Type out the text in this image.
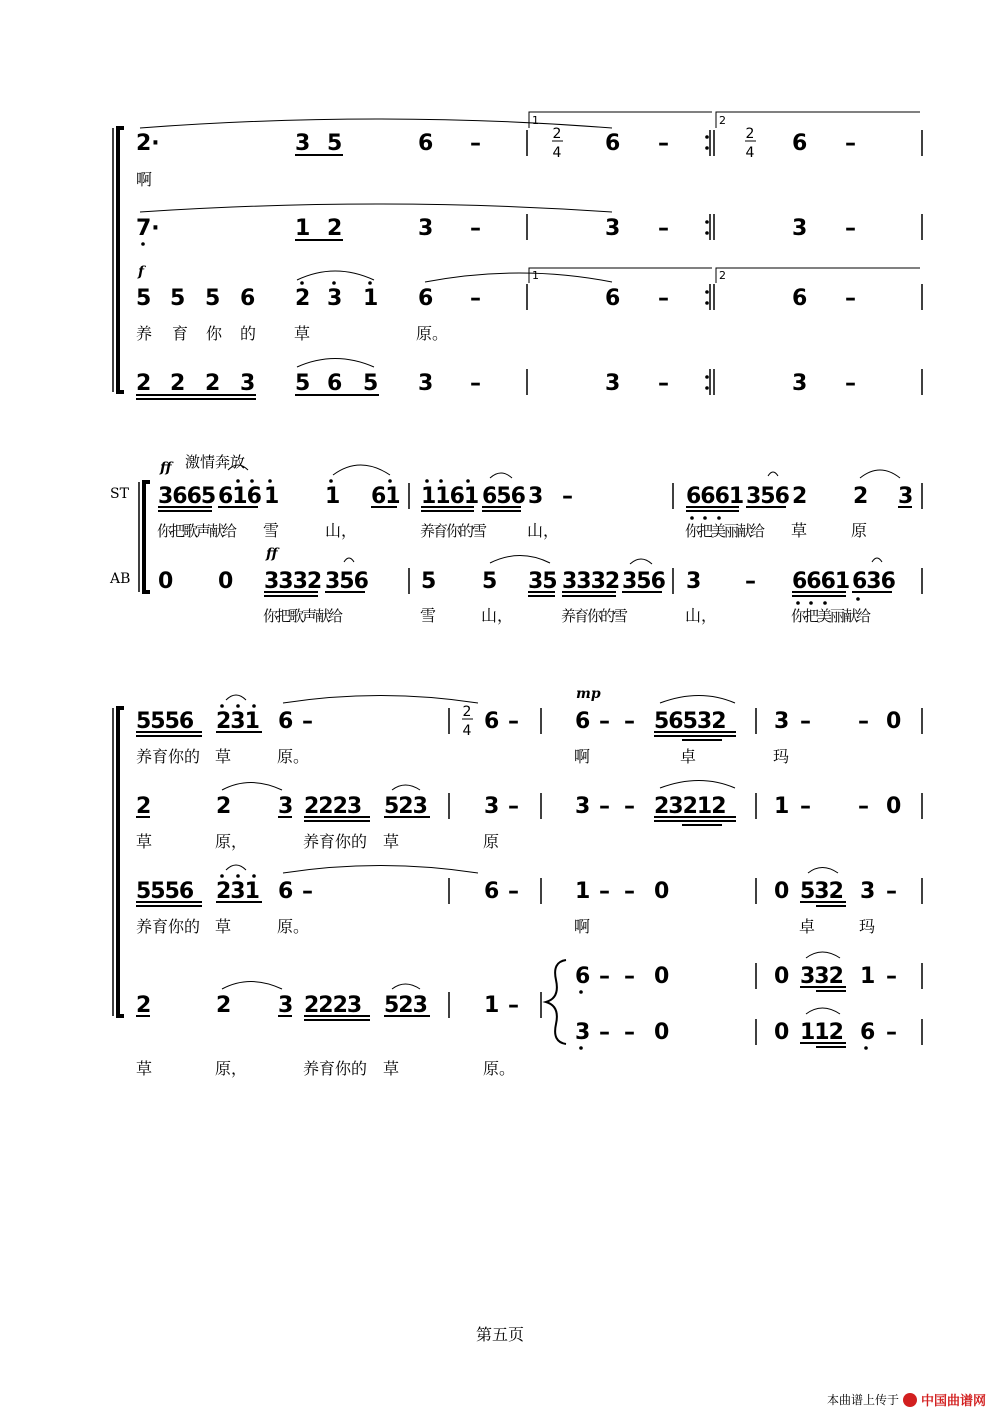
1	2
1	2
2·	3 5	6 –	2
4 6 –	2
4 6 –
啊
7·	1 2	3 –	3 –	3 –
f
5 5 5 6 2 3 1 6 –	6 –	6 –
养 育 你 的 草	原。
2 2 2 3 5 6 5 3 –	3 –	3 –
ST
AB
激情奔放
ff
3665 616 1 1 61 1161 656 3 –	6661 356 2 2 3
你把歌声献给 雪	山，	养育你的雪	山，	你把美丽献给 草	原
0 0
ff
3332 356 5 5 35 3332 356 3 – 6661 636
你把歌声献给	雪	山，	养育你的雪	山，	你把美丽献给
5556 231 6 –	2
4 6 –
mp
6 – – 56532 3 – – 0
养育你的 草	原。	啊	卓	玛
2	2 3 2223 523	3 –	3 – – 23212 1 – – 0
草	原，	养育你的 草	原
5556 231 6 –	6 –	1 – – 0	0 532 3 –
养育你的 草	原。	啊	卓	玛
2	2 3 2223 523	1 –
6 – – 0	0 332 1 –
3 – – 0	0 112 6 –
草	原，	养育你的 草	原。
第五页
本曲谱上传于 中国曲谱网
